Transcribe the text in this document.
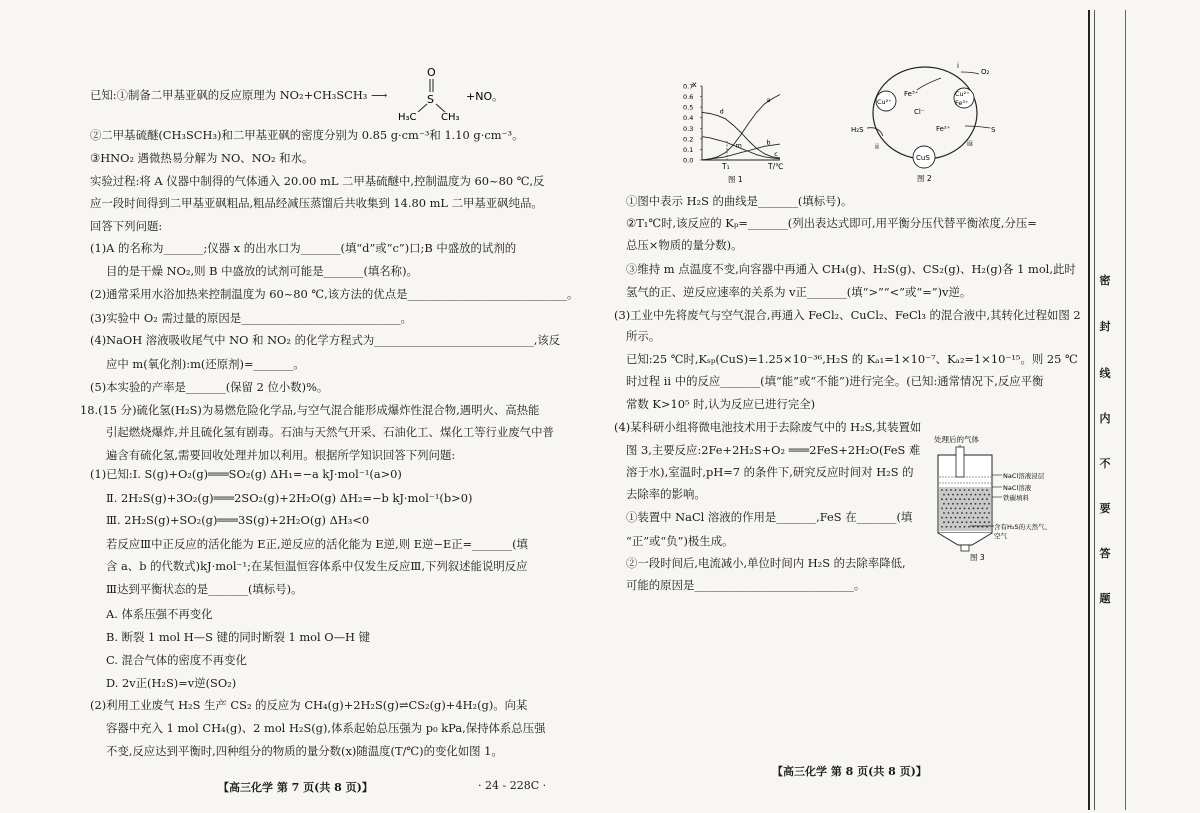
已知:①制备二甲基亚砜的反应原理为 NO₂+CH₃SCH₃ ⟶
②二甲基硫醚(CH₃SCH₃)和二甲基亚砜的密度分别为 0.85 g·cm⁻³和 1.10 g·cm⁻³。
③HNO₂ 遇微热易分解为 NO、NO₂ 和水。
实验过程:将 A 仪器中制得的气体通入 20.00 mL 二甲基硫醚中,控制温度为 60~80 ℃,反
应一段时间得到二甲基亚砜粗品,粗品经减压蒸馏后共收集到 14.80 mL 二甲基亚砜纯品。
回答下列问题:
(1)A 的名称为_______;仪器 x 的出水口为_______(填“d”或“c”)口;B 中盛放的试剂的
目的是干燥 NO₂,则 B 中盛放的试剂可能是_______(填名称)。
(2)通常采用水浴加热来控制温度为 60~80 ℃,该方法的优点是____________________________。
(3)实验中 O₂ 需过量的原因是____________________________。
(4)NaOH 溶液吸收尾气中 NO 和 NO₂ 的化学方程式为____________________________,该反
应中 m(氧化剂):m(还原剂)=_______。
(5)本实验的产率是_______(保留 2 位小数)%。
18.(15 分)硫化氢(H₂S)为易燃危险化学品,与空气混合能形成爆炸性混合物,遇明火、高热能
引起燃烧爆炸,并且硫化氢有剧毒。石油与天然气开采、石油化工、煤化工等行业废气中普
遍含有硫化氢,需要回收处理并加以利用。根据所学知识回答下列问题:
(1)已知:Ⅰ. S(g)+O₂(g)═══SO₂(g) ΔH₁=−a kJ·mol⁻¹(a>0)
Ⅱ. 2H₂S(g)+3O₂(g)═══2SO₂(g)+2H₂O(g) ΔH₂=−b kJ·mol⁻¹(b>0)
Ⅲ. 2H₂S(g)+SO₂(g)═══3S(g)+2H₂O(g) ΔH₃<0
若反应Ⅲ中正反应的活化能为 E正,逆反应的活化能为 E逆,则 E逆−E正=_______(填
含 a、b 的代数式)kJ·mol⁻¹;在某恒温恒容体系中仅发生反应Ⅲ,下列叙述能说明反应
Ⅲ达到平衡状态的是_______(填标号)。
A. 体系压强不再变化
B. 断裂 1 mol H—S 键的同时断裂 1 mol O—H 键
C. 混合气体的密度不再变化
D. 2v正(H₂S)=v逆(SO₂)
(2)利用工业废气 H₂S 生产 CS₂ 的反应为 CH₄(g)+2H₂S(g)⇌CS₂(g)+4H₂(g)。向某
容器中充入 1 mol CH₄(g)、2 mol H₂S(g),体系起始总压强为 p₀ kPa,保持体系总压强
不变,反应达到平衡时,四种组分的物质的量分数(x)随温度(T/℃)的变化如图 1。
O
S
H₃C CH₃
+NO。
【高三化学 第 7 页(共 8 页)】	· 24 - 228C ·
x
0.0
0.1
0.2
0.3
0.4
0.5
0.6
0.7
a
b
c
d
m
T₁	T/℃
图 1
Fe³⁺
Cl⁻
Cu²⁺
Cu²⁺
Fe³⁺
Fe²⁺
CuS
H₂S	S
O₂
i
ii	iii
图 2
①图中表示 H₂S 的曲线是_______(填标号)。
②T₁℃时,该反应的 Kₚ=_______(列出表达式即可,用平衡分压代替平衡浓度,分压=
总压×物质的量分数)。
③维持 m 点温度不变,向容器中再通入 CH₄(g)、H₂S(g)、CS₂(g)、H₂(g)各 1 mol,此时
氢气的正、逆反应速率的关系为 v正_______(填“>”“<”或“=”)v逆。
(3)工业中先将废气与空气混合,再通入 FeCl₂、CuCl₂、FeCl₃ 的混合液中,其转化过程如图 2
所示。
已知:25 ℃时,Kₛₚ(CuS)=1.25×10⁻³⁶,H₂S 的 Kₐ₁=1×10⁻⁷、Kₐ₂=1×10⁻¹⁵。则 25 ℃
时过程 ii 中的反应_______(填“能”或“不能”)进行完全。(已知:通常情况下,反应平衡
常数 K>10⁵ 时,认为反应已进行完全)
(4)某科研小组将微电池技术用于去除废气中的 H₂S,其装置如
图 3,主要反应:2Fe+2H₂S+O₂ ═══2FeS+2H₂O(FeS 难
溶于水),室温时,pH=7 的条件下,研究反应时间对 H₂S 的
去除率的影响。
①装置中 NaCl 溶液的作用是_______,FeS 在_______(填
“正”或“负”)极生成。
②一段时间后,电流减小,单位时间内 H₂S 的去除率降低,
可能的原因是____________________________。
处理后的气体
NaCl溶液浸层
NaCl溶液
铁碳填料
含有H₂S的天然气、
空气
图 3
【高三化学 第 8 页(共 8 页)】
密
封
线
内
不
要
答
题
